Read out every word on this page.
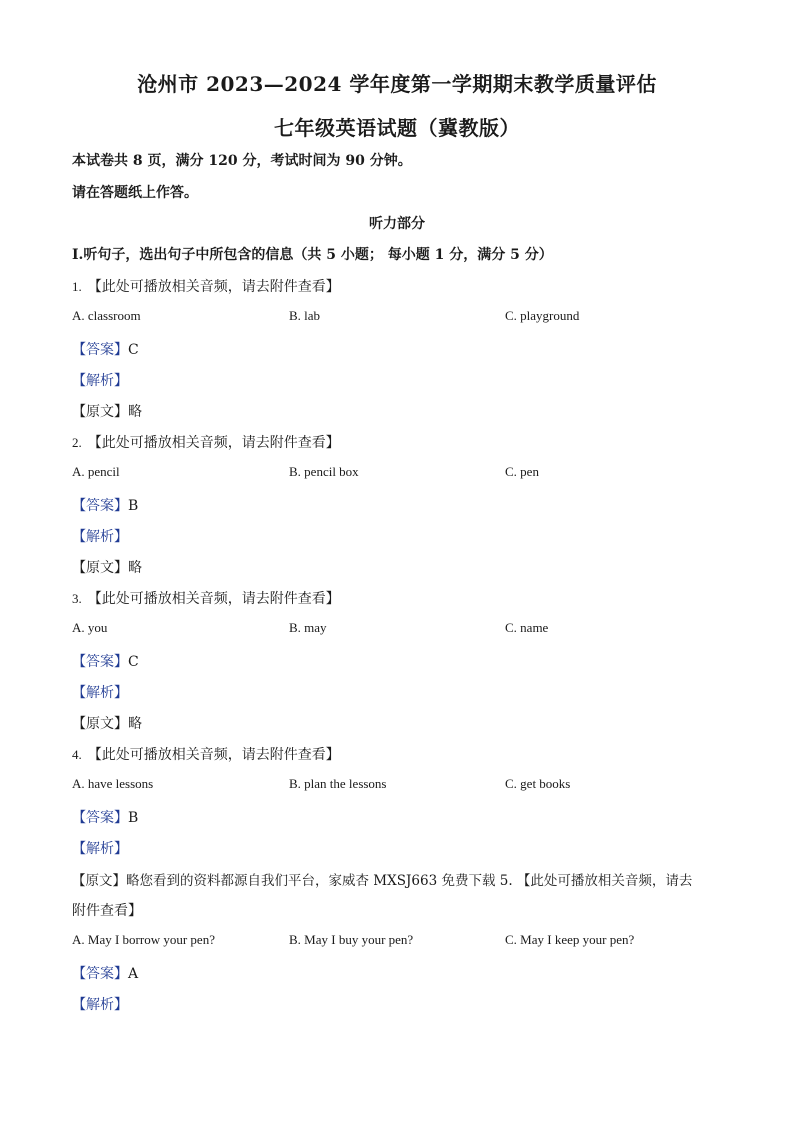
沧州市 2023—2024 学年度第一学期期末教学质量评估
七年级英语试题（冀教版）
本试卷共 8 页，满分 120 分，考试时间为 90 分钟。
请在答题纸上作答。
听力部分
Ⅰ.听句子，选出句子中所包含的信息（共 5 小题； 每小题 1 分，满分 5 分）
1. 【此处可播放相关音频，请去附件查看】
A. classroom	B. lab	C. playground
【答案】C
【解析】
【原文】略
2. 【此处可播放相关音频，请去附件查看】
A. pencil	B. pencil box	C. pen
【答案】B
【解析】
【原文】略
3. 【此处可播放相关音频，请去附件查看】
A. you	B. may	C. name
【答案】C
【解析】
【原文】略
4. 【此处可播放相关音频，请去附件查看】
A. have lessons	B. plan the lessons	C. get books
【答案】B
【解析】
【原文】略您看到的资料都源自我们平台，家威杏 MXSJ663 免费下载 5. 【此处可播放相关音频，请去
附件查看】
A. May I borrow your pen?	B. May I buy your pen?	C. May I keep your pen?
【答案】A
【解析】
